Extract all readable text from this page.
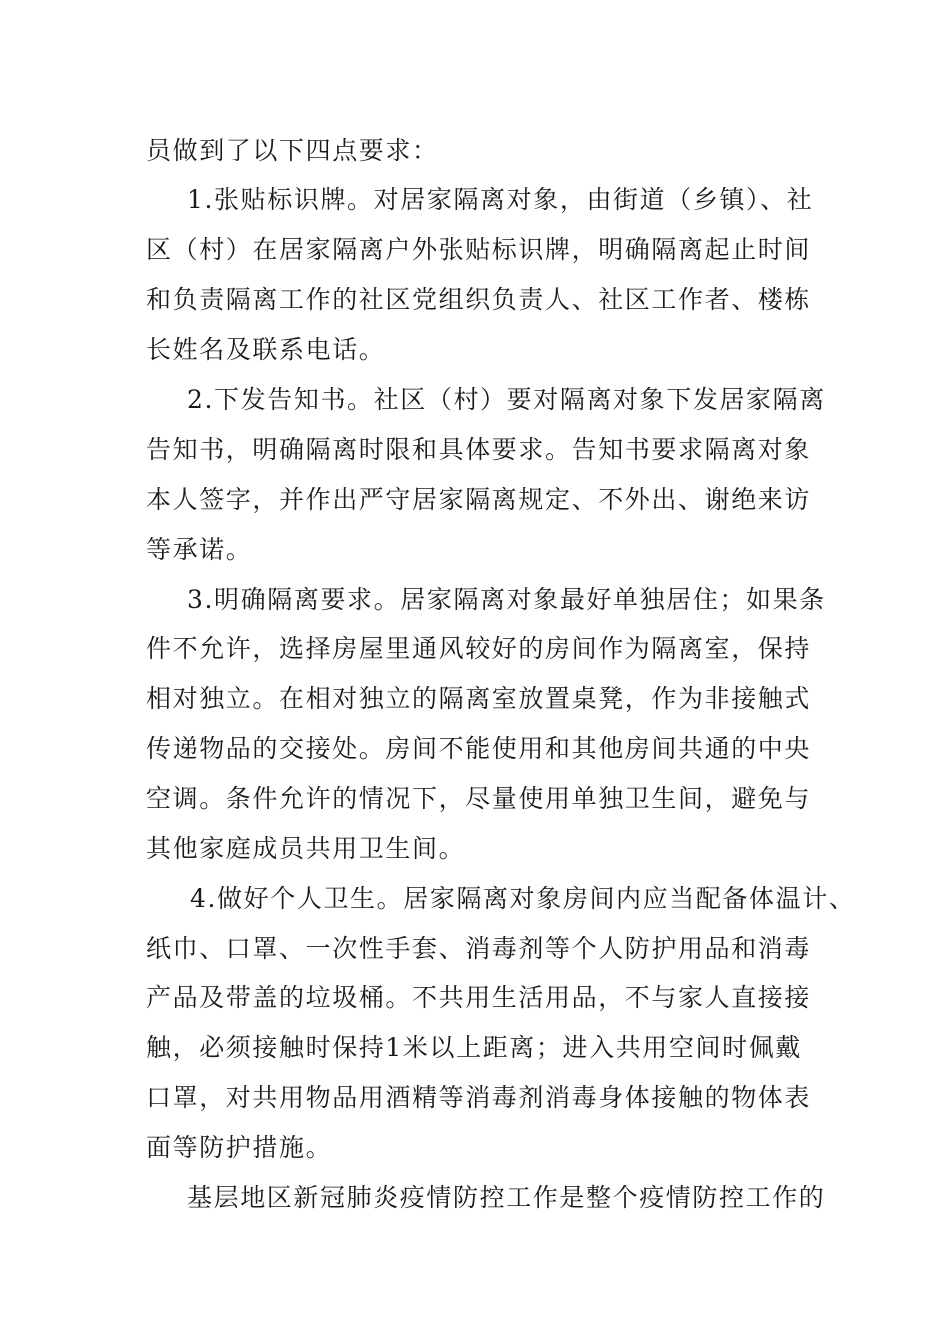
员做到了以下四点要求：
1.张贴标识牌。对居家隔离对象，由街道（乡镇）、社
区（村）在居家隔离户外张贴标识牌，明确隔离起止时间
和负责隔离工作的社区党组织负责人、社区工作者、楼栋
长姓名及联系电话。
2.下发告知书。社区（村）要对隔离对象下发居家隔离
告知书，明确隔离时限和具体要求。告知书要求隔离对象
本人签字，并作出严守居家隔离规定、不外出、谢绝来访
等承诺。
3.明确隔离要求。居家隔离对象最好单独居住；如果条
件不允许，选择房屋里通风较好的房间作为隔离室，保持
相对独立。在相对独立的隔离室放置桌凳，作为非接触式
传递物品的交接处。房间不能使用和其他房间共通的中央
空调。条件允许的情况下，尽量使用单独卫生间，避免与
其他家庭成员共用卫生间。
4.做好个人卫生。居家隔离对象房间内应当配备体温计、
纸巾、口罩、一次性手套、消毒剂等个人防护用品和消毒
产品及带盖的垃圾桶。不共用生活用品，不与家人直接接
触，必须接触时保持1米以上距离；进入共用空间时佩戴
口罩，对共用物品用酒精等消毒剂消毒身体接触的物体表
面等防护措施。
基层地区新冠肺炎疫情防控工作是整个疫情防控工作的
